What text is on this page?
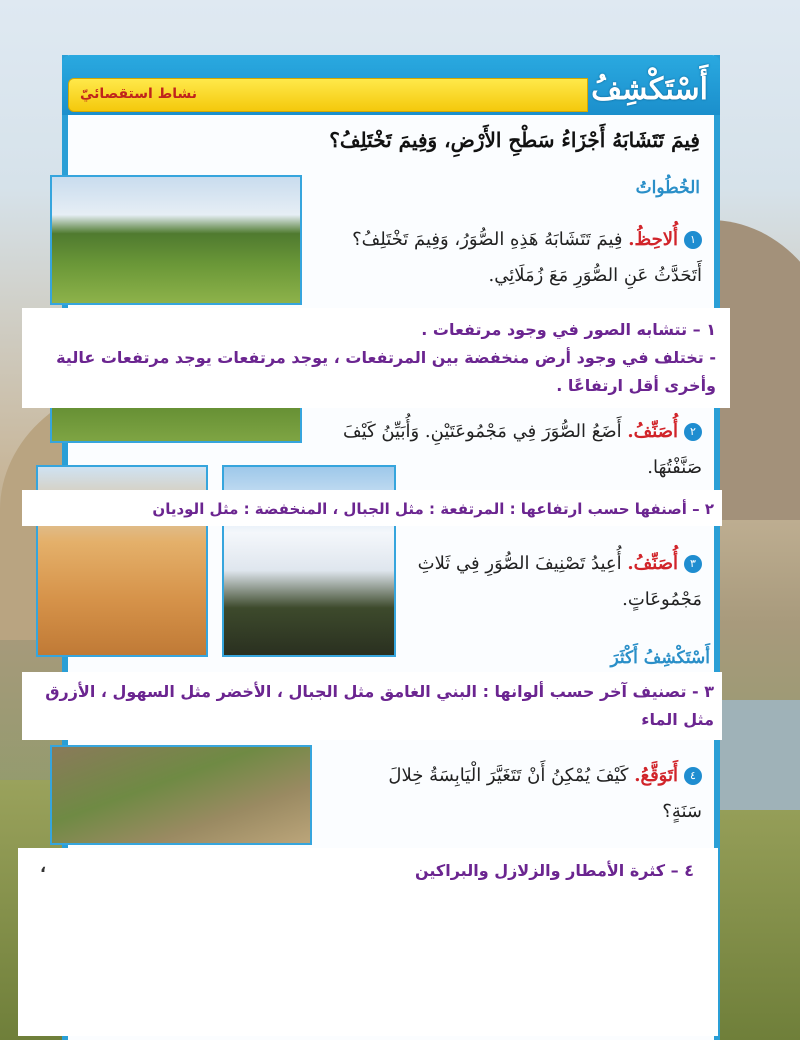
نشاط استقصائيّ	أَسْتَكْشِفُ
فِيمَ تَتَشَابَهُ أَجْزَاءُ سَطْحِ الأَرْضِ، وَفِيمَ تَخْتَلِفُ؟
الخُطُواتُ
١أُلاحِظُ. فِيمَ تَتَشَابَهُ هَذِهِ الصُّوَرُ، وَفِيمَ تَخْتَلِفُ؟ أَتَحَدَّثُ عَنِ الصُّوَرِ مَعَ زُمَلَائِي.
٢أُصَنِّفُ. أَضَعُ الصُّوَرَ فِي مَجْمُوعَتَيْنِ. وَأُبَيِّنُ كَيْفَ صَنَّفْتُهَا.
٣أُصَنِّفُ. أُعِيدُ تَصْنِيفَ الصُّوَرِ فِي ثَلاثِ مَجْمُوعَاتٍ.
أَسْتَكْشِفُ أَكْثَرَ
٤أَتَوَقَّعُ. كَيْفَ يُمْكِنُ أَنْ تَتَغَيَّرَ الْيَابِسَةُ خِلالَ سَنَةٍ؟
١ – تتشابه الصور في وجود مرتفعات .
- تختلف في وجود أرض منخفضة بين المرتفعات ، يوجد مرتفعات يوجد مرتفعات عالية وأخرى أقل ارتفاعًا .
٢ – أصنفها حسب ارتفاعها : المرتفعة : مثل الجبال ، المنخفضة : مثل الوديان
٣ - تصنيف آخر حسب ألوانها : البني الغامق مثل الجبال ، الأخضر مثل السهول ، الأزرق مثل الماء
٤ – كثرة الأمطار والزلازل والبراكين
،
